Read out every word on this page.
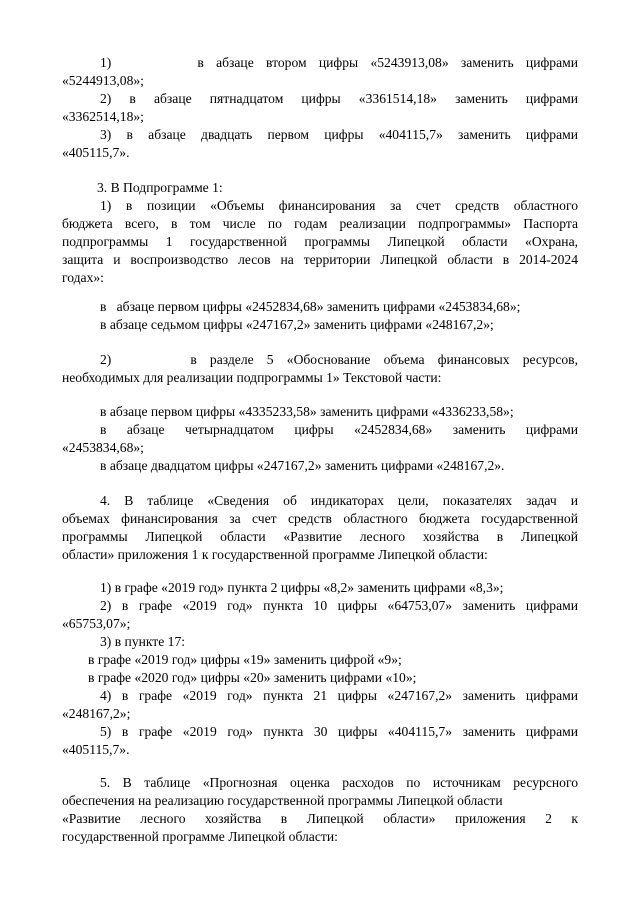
1)       в абзаце втором цифры «5243913,08» заменить цифрами
«5244913,08»;
2) в абзаце пятнадцатом цифры «3361514,18» заменить цифрами
«3362514,18»;
3) в абзаце двадцать первом цифры «404115,7» заменить цифрами
«405115,7».
3. В Подпрограмме 1:
1) в позиции «Объемы финансирования за счет средств областного
бюджета всего, в том числе по годам реализации подпрограммы» Паспорта
подпрограммы 1 государственной программы Липецкой области «Охрана,
защита и воспроизводство лесов на территории Липецкой области в 2014-2024
годах»:
в   абзаце первом цифры «2452834,68» заменить цифрами «2453834,68»;
в абзаце седьмом цифры «247167,2» заменить цифрами «248167,2»;
2)      в разделе 5 «Обоснование объема финансовых ресурсов,
необходимых для реализации подпрограммы 1» Текстовой части:
в абзаце первом цифры «4335233,58» заменить цифрами «4336233,58»;
в абзаце четырнадцатом цифры «2452834,68» заменить цифрами
«2453834,68»;
в абзаце двадцатом цифры «247167,2» заменить цифрами «248167,2».
4. В таблице «Сведения об индикаторах цели, показателях задач и
объемах финансирования за счет средств областного бюджета государственной
программы Липецкой области «Развитие лесного хозяйства в Липецкой
области» приложения 1 к государственной программе Липецкой области:
1) в графе «2019 год» пункта 2 цифры «8,2» заменить цифрами «8,3»;
2) в графе «2019 год» пункта 10 цифры «64753,07» заменить цифрами
«65753,07»;
3) в пункте 17:
в графе «2019 год» цифры «19» заменить цифрой «9»;
в графе «2020 год» цифры «20» заменить цифрами «10»;
4) в графе «2019 год» пункта 21 цифры «247167,2» заменить цифрами
«248167,2»;
5) в графе «2019 год» пункта 30 цифры «404115,7» заменить цифрами
«405115,7».
5. В таблице «Прогнозная оценка расходов по источникам ресурсного
обеспечения на реализацию государственной программы Липецкой области
«Развитие лесного хозяйства в Липецкой области» приложения 2 к
государственной программе Липецкой области:
